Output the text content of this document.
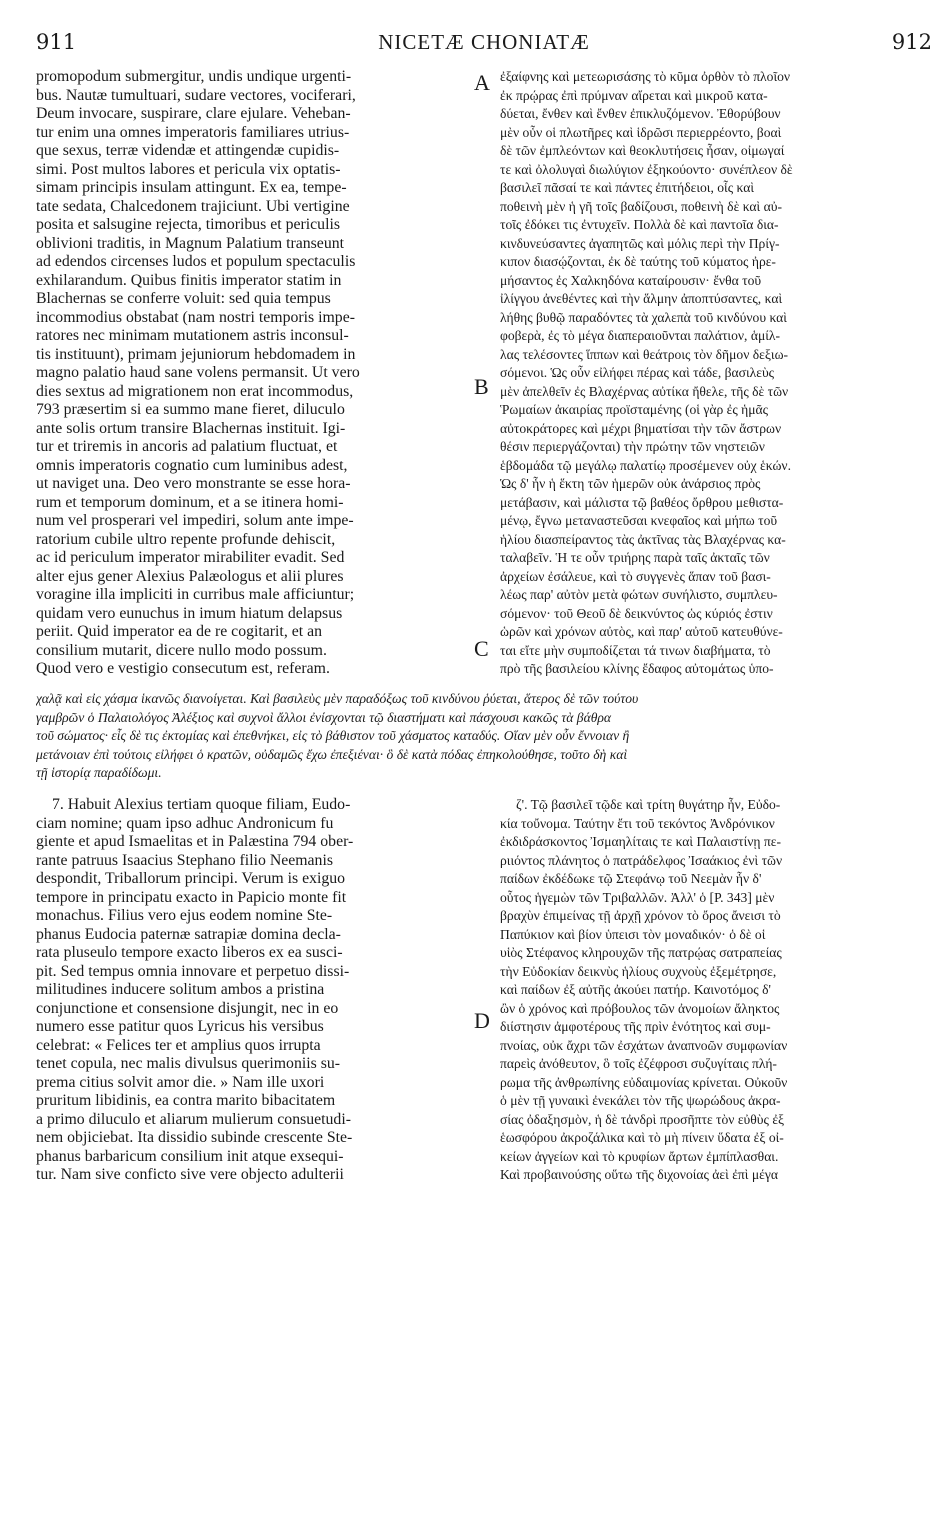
911	NICETÆ CHONIATÆ	912
promopodum submergitur, undis undique urgenti-
bus. Nautæ tumultuari, sudare vectores, vociferari,
Deum invocare, suspirare, clare ejulare. Veheban-
tur enim una omnes imperatoris familiares utrius-
que sexus, terræ videndæ et attingendæ cupidis-
simi. Post multos labores et pericula vix optatis-
simam principis insulam attingunt. Ex ea, tempe-
tate sedata, Chalcedonem trajiciunt. Ubi vertigine
posita et salsugine rejecta, timoribus et periculis
oblivioni traditis, in Magnum Palatium transeunt
ad edendos circenses ludos et populum spectaculis
exhilarandum. Quibus finitis imperator statim in
Blachernas se conferre voluit: sed quia tempus
incommodius obstabat (nam nostri temporis impe-
ratores nec minimam mutationem astris inconsul-
tis instituunt), primam jejuniorum hebdomadem in
magno palatio haud sane volens permansit. Ut vero
dies sextus ad migrationem non erat incommodus,
793 præsertim si ea summo mane fieret, diluculo
ante solis ortum transire Blachernas instituit. Igi-
tur et triremis in ancoris ad palatium fluctuat, et
omnis imperatoris cognatio cum luminibus adest,
ut naviget una. Deo vero monstrante se esse hora-
rum et temporum dominum, et a se itinera homi-
num vel prosperari vel impediri, solum ante impe-
ratorium cubile ultro repente profunde dehiscit,
ac id periculum imperator mirabiliter evadit. Sed
alter ejus gener Alexius Palæologus et alii plures
voragine illa impliciti in curribus male afficiuntur;
quidam vero eunuchus in imum hiatum delapsus
periit. Quid imperator ea de re cogitarit, et an
consilium mutarit, dicere nullo modo possum.
Quod vero e vestigio consecutum est, referam.
ἐξαίφνης καὶ μετεωρισάσης τὸ κῦμα ὀρθὸν τὸ πλοῖον
ἐκ πρῴρας ἐπὶ πρύμναν αἴρεται καὶ μικροῦ κατα-
δύεται, ἔνθεν καὶ ἔνθεν ἐπικλυζόμενον. Ἐθορύβουν
μὲν οὖν οἱ πλωτῆρες καὶ ἱδρῶσι περιερρέοντο, βοαὶ
δὲ τῶν ἐμπλεόντων καὶ θεοκλυτήσεις ἦσαν, οἰμωγαί
τε καὶ ὀλολυγαὶ διωλύγιον ἐξηκούοντο· συνέπλεον δὲ
βασιλεῖ πᾶσαί τε καὶ πάντες ἐπιτήδειοι, οἷς καὶ
ποθεινὴ μὲν ἡ γῆ τοῖς βαδίζουσι, ποθεινὴ δὲ καὶ αὐ-
τοῖς ἐδόκει τις ἐντυχεῖν. Πολλὰ δὲ καὶ παντοῖα δια-
κινδυνεύσαντες ἀγαπητῶς καὶ μόλις περὶ τὴν Πρίγ-
κιπον διασῴζονται, ἐκ δὲ ταύτης τοῦ κύματος ἠρε-
μήσαντος ἐς Χαλκηδόνα καταίρουσιν· ἔνθα τοῦ
ἰλίγγου ἀνεθέντες καὶ τὴν ἅλμην ἀποπτύσαντες, καὶ
λήθης βυθῷ παραδόντες τὰ χαλεπὰ τοῦ κινδύνου καὶ
φοβερὰ, ἐς τὸ μέγα διαπεραιοῦνται παλάτιον, ἁμίλ-
λας τελέσοντες ἵππων καὶ θεάτροις τὸν δῆμον δεξιω-
σόμενοι. Ὡς οὖν εἰλήφει πέρας καὶ τάδε, βασιλεὺς
μὲν ἀπελθεῖν ἐς Βλαχέρνας αὐτίκα ἤθελε, τῆς δὲ τῶν
Ῥωμαίων ἀκαιρίας προϊσταμένης (οἱ γὰρ ἐς ἡμᾶς
αὐτοκράτορες καὶ μέχρι βηματίσαι τὴν τῶν ἄστρων
θέσιν περιεργάζονται) τὴν πρώτην τῶν νηστειῶν
ἑβδομάδα τῷ μεγάλῳ παλατίῳ προσέμενεν οὐχ ἑκών.
Ὡς δ' ἦν ἡ ἕκτη τῶν ἡμερῶν οὐκ ἀνάρσιος πρὸς
μετάβασιν, καὶ μάλιστα τῷ βαθέος ὄρθρου μεθιστα-
μένῳ, ἔγνω μεταναστεῦσαι κνεφαῖος καὶ μήπω τοῦ
ἡλίου διασπείραντος τὰς ἀκτῖνας τὰς Βλαχέρνας κα-
ταλαβεῖν. Ἡ τε οὖν τριήρης παρὰ ταῖς ἀκταῖς τῶν
ἀρχείων ἐσάλευε, καὶ τὸ συγγενὲς ἅπαν τοῦ βασι-
λέως παρ' αὐτὸν μετὰ φώτων συνήλιστο, συμπλευ-
σόμενον· τοῦ Θεοῦ δὲ δεικνύντος ὡς κύριός ἐστιν
ὡρῶν καὶ χρόνων αὐτὸς, καὶ παρ' αὐτοῦ κατευθύνε-
ται εἴτε μὴν συμποδίζεται τά τινων διαβήματα, τὸ
πρὸ τῆς βασιλείου κλίνης ἔδαφος αὐτομάτως ὑπο-
χαλᾷ καὶ εἰς χάσμα ἱκανῶς διανοίγεται. Καὶ βασιλεὺς μὲν παραδόξως τοῦ κινδύνου ῥύεται, ἅτερος δὲ τῶν τούτου
γαμβρῶν ὁ Παλαιολόγος Ἀλέξιος καὶ συχνοὶ ἄλλοι ἐνίσχονται τῷ διαστήματι καὶ πάσχουσι κακῶς τὰ βάθρα
τοῦ σώματος· εἷς δὲ τις ἐκτομίας καὶ ἐπεθνήκει, εἰς τὸ βάθιστον τοῦ χάσματος καταδύς. Οἵαν μὲν οὖν ἔννοιαν ἢ
μετάνοιαν ἐπὶ τούτοις εἰλήφει ὁ κρατῶν, οὐδαμῶς ἔχω ἐπεξιέναι· ὃ δὲ κατὰ πόδας ἐπηκολούθησε, τοῦτο δὴ καὶ
τῇ ἱστορίᾳ παραδίδωμι.
7. Habuit Alexius tertiam quoque filiam, Eudo-
ciam nomine; quam ipso adhuc Andronicum fu
giente et apud Ismaelitas et in Palæstina 794 ober-
rante patruus Isaacius Stephano filio Neemanis
despondit, Triballorum principi. Verum is exiguo
tempore in principatu exacto in Papicio monte fit
monachus. Filius vero ejus eodem nomine Ste-
phanus Eudocia paternæ satrapiæ domina decla-
rata pluseulo tempore exacto liberos ex ea susci-
pit. Sed tempus omnia innovare et perpetuo dissi-
militudines inducere solitum ambos a pristina
conjunctione et consensione disjungit, nec in eo
numero esse patitur quos Lyricus his versibus
celebrat: « Felices ter et amplius quos irrupta
tenet copula, nec malis divulsus querimoniis su-
prema citius solvit amor die. » Nam ille uxori
pruritum libidinis, ea contra marito bibacitatem
a primo diluculo et aliarum mulierum consuetudi-
nem objiciebat. Ita dissidio subinde crescente Ste-
phanus barbaricum consilium init atque exsequi-
tur. Nam sive conficto sive vere objecto adulterii
ζ'. Τῷ βασιλεῖ τῷδε καὶ τρίτη θυγάτηρ ἦν, Εὐδο-
κία τοὔνομα. Ταύτην ἔτι τοῦ τεκόντος Ἀνδρόνικον
ἐκδιδράσκοντος Ἰσμαηλίταις τε καὶ Παλαιστίνῃ πε-
ριιόντος πλάνητος ὁ πατράδελφος Ἰσαάκιος ἐνὶ τῶν
παίδων ἐκδέδωκε τῷ Στεφάνῳ τοῦ Νεεμὰν ἦν δ'
οὗτος ἡγεμὼν τῶν Τριβαλλῶν. Ἀλλ' ὁ [P. 343] μὲν
βραχὺν ἐπιμείνας τῇ ἀρχῇ χρόνον τὸ ὄρος ἄνεισι τὸ
Παπύκιον καὶ βίον ὑπεισι τὸν μοναδικόν· ὁ δὲ οἱ
υἱὸς Στέφανος κληρουχῶν τῆς πατρῴας σατραπείας
τὴν Εὐδοκίαν δεικνὺς ἡλίους συχνοὺς ἐξεμέτρησε,
καὶ παίδων ἐξ αὐτῆς ἀκούει πατήρ. Καινοτόμος δ'
ὢν ὁ χρόνος καὶ πρόβουλος τῶν ἀνομοίων ἄληκτος
διίστησιν ἀμφοτέρους τῆς πρὶν ἑνότητος καὶ συμ-
πνοίας, οὐκ ἄχρι τῶν ἐσχάτων ἀναπνοῶν συμφωνίαν
παρεὶς ἀνόθευτον, ὃ τοῖς ἐζέφροσι συζυγίταις πλή-
ρωμα τῆς ἀνθρωπίνης εὐδαιμονίας κρίνεται. Οὐκοῦν
ὁ μὲν τῇ γυναικὶ ἐνεκάλει τὸν τῆς ψωρώδους ἀκρα-
σίας ὀδαξησμὸν, ἡ δὲ τἀνδρὶ προσῆπτε τὸν εὐθὺς ἐξ
ἑωσφόρου ἀκροζάλικα καὶ τὸ μὴ πίνειν ὕδατα ἐξ οἰ-
κείων ἀγγείων καὶ τὸ κρυφίων ἄρτων ἐμπίπλασθαι.
Καὶ προβαινούσης οὕτω τῆς διχονοίας ἀεὶ ἐπὶ μέγα
A
B
C
D
